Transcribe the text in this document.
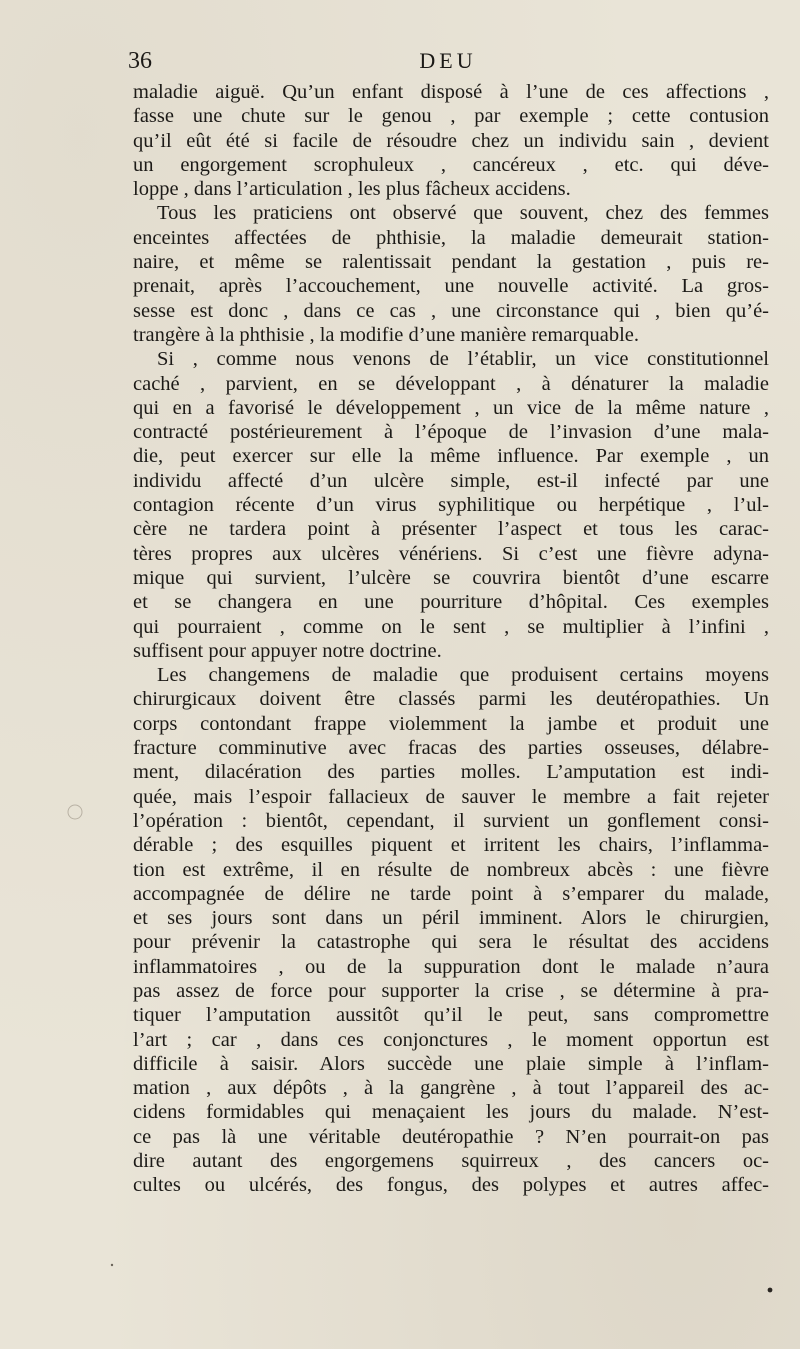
36	DEU
maladie aiguë. Qu’un enfant disposé à l’une de ces affections ,
fasse une chute sur le genou , par exemple ; cette contusion
qu’il eût été si facile de résoudre chez un individu sain , devient
un engorgement scrophuleux , cancéreux , etc. qui déve-
loppe , dans l’articulation , les plus fâcheux accidens.
Tous les praticiens ont observé que souvent, chez des femmes
enceintes affectées de phthisie, la maladie demeurait station-
naire, et même se ralentissait pendant la gestation , puis re-
prenait, après l’accouchement, une nouvelle activité. La gros-
sesse est donc , dans ce cas , une circonstance qui , bien qu’é-
trangère à la phthisie , la modifie d’une manière remarquable.
Si , comme nous venons de l’établir, un vice constitutionnel
caché , parvient, en se développant , à dénaturer la maladie
qui en a favorisé le développement , un vice de la même nature ,
contracté postérieurement à l’époque de l’invasion d’une mala-
die, peut exercer sur elle la même influence. Par exemple , un
individu affecté d’un ulcère simple, est-il infecté par une
contagion récente d’un virus syphilitique ou herpétique , l’ul-
cère ne tardera point à présenter l’aspect et tous les carac-
tères propres aux ulcères vénériens. Si c’est une fièvre adyna-
mique qui survient, l’ulcère se couvrira bientôt d’une escarre
et se changera en une pourriture d’hôpital. Ces exemples
qui pourraient , comme on le sent , se multiplier à l’infini ,
suffisent pour appuyer notre doctrine.
Les changemens de maladie que produisent certains moyens
chirurgicaux doivent être classés parmi les deutéropathies. Un
corps contondant frappe violemment la jambe et produit une
fracture comminutive avec fracas des parties osseuses, délabre-
ment, dilacération des parties molles. L’amputation est indi-
quée, mais l’espoir fallacieux de sauver le membre a fait rejeter
l’opération : bientôt, cependant, il survient un gonflement consi-
dérable ; des esquilles piquent et irritent les chairs, l’inflamma-
tion est extrême, il en résulte de nombreux abcès : une fièvre
accompagnée de délire ne tarde point à s’emparer du malade,
et ses jours sont dans un péril imminent. Alors le chirurgien,
pour prévenir la catastrophe qui sera le résultat des accidens
inflammatoires , ou de la suppuration dont le malade n’aura
pas assez de force pour supporter la crise , se détermine à pra-
tiquer l’amputation aussitôt qu’il le peut, sans compromettre
l’art ; car , dans ces conjonctures , le moment opportun est
difficile à saisir. Alors succède une plaie simple à l’inflam-
mation , aux dépôts , à la gangrène , à tout l’appareil des ac-
cidens formidables qui menaçaient les jours du malade. N’est-
ce pas là une véritable deutéropathie ? N’en pourrait-on pas
dire autant des engorgemens squirreux , des cancers oc-
cultes ou ulcérés, des fongus, des polypes et autres affec-
